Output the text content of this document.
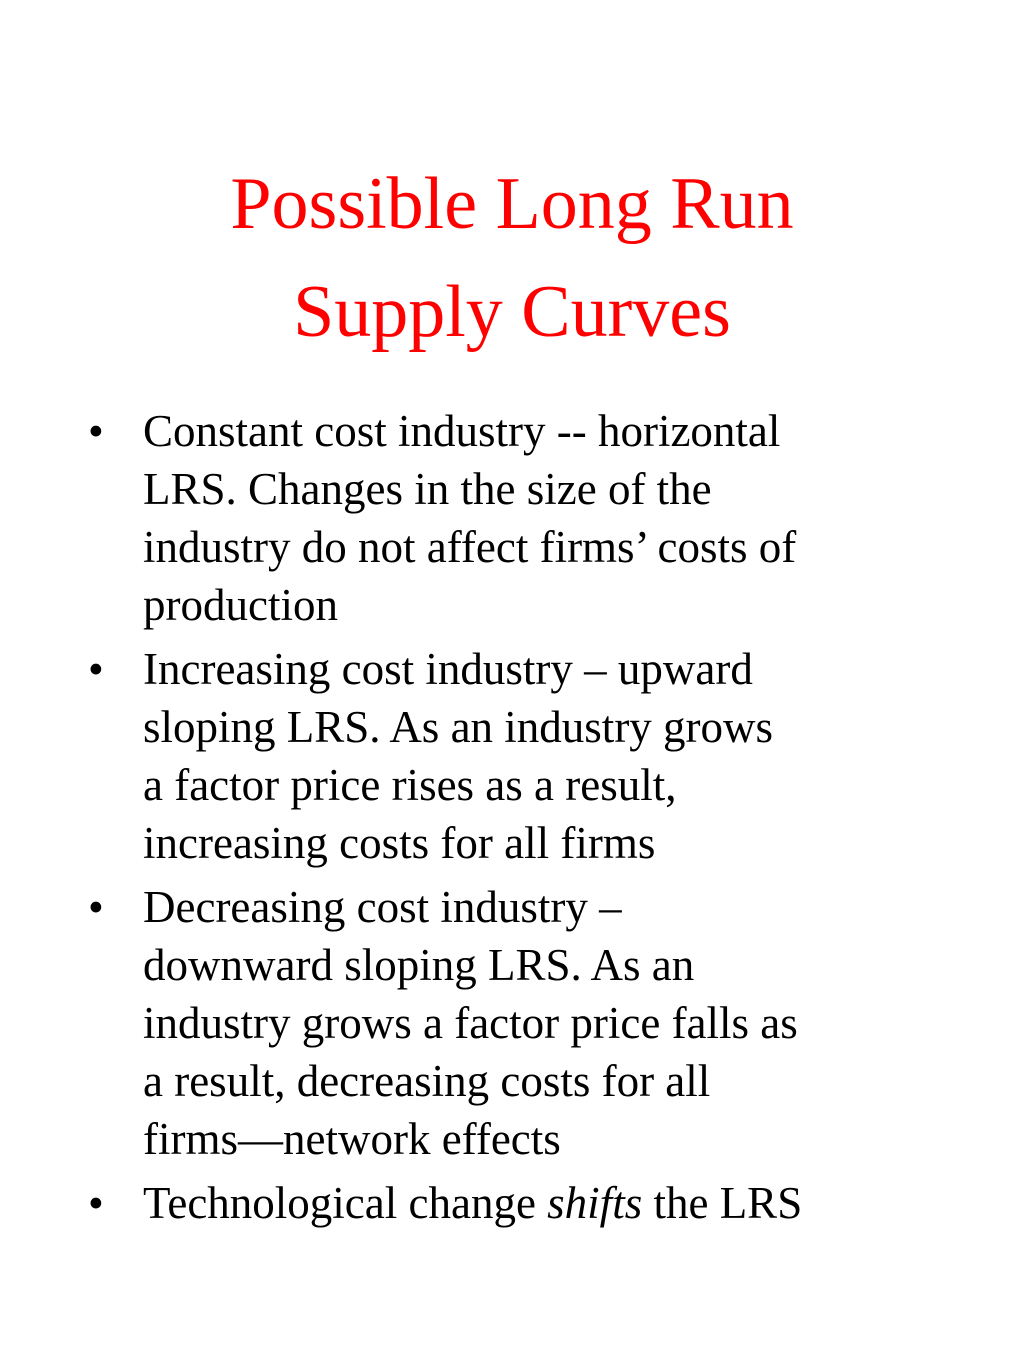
Possible Long Run
Supply Curves
• Constant cost industry -- horizontal
LRS. Changes in the size of the
industry do not affect firms’ costs of
production
• Increasing cost industry – upward
sloping LRS. As an industry grows
a factor price rises as a result,
increasing costs for all firms
• Decreasing cost industry –
downward sloping LRS. As an
industry grows a factor price falls as
a result, decreasing costs for all
firms—network effects
• Technological change shifts the LRS
